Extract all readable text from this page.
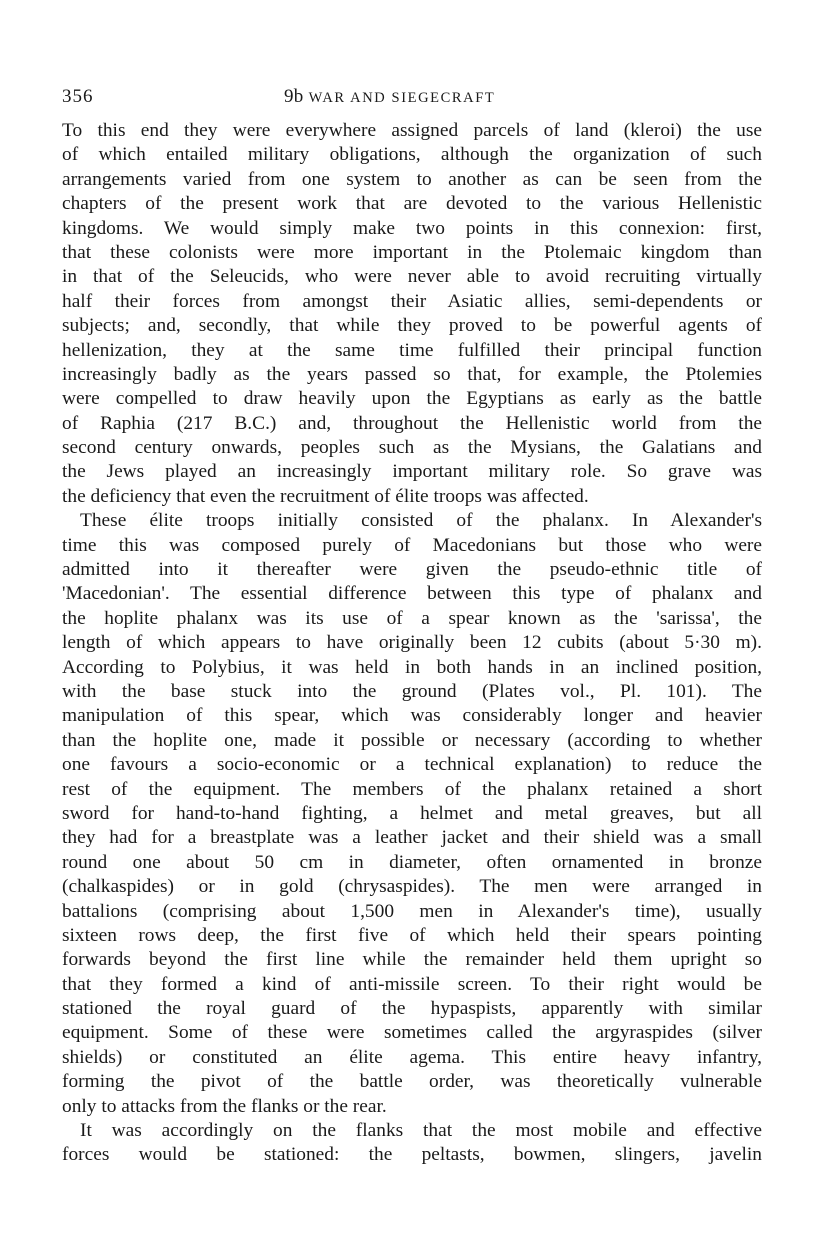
356	9b WAR AND SIEGECRAFT
To this end they were everywhere assigned parcels of land (kleroi) the use
of which entailed military obligations, although the organization of such
arrangements varied from one system to another as can be seen from the
chapters of the present work that are devoted to the various Hellenistic
kingdoms. We would simply make two points in this connexion: first,
that these colonists were more important in the Ptolemaic kingdom than
in that of the Seleucids, who were never able to avoid recruiting virtually
half their forces from amongst their Asiatic allies, semi-dependents or
subjects; and, secondly, that while they proved to be powerful agents of
hellenization, they at the same time fulfilled their principal function
increasingly badly as the years passed so that, for example, the Ptolemies
were compelled to draw heavily upon the Egyptians as early as the battle
of Raphia (217 B.C.) and, throughout the Hellenistic world from the
second century onwards, peoples such as the Mysians, the Galatians and
the Jews played an increasingly important military role. So grave was
the deficiency that even the recruitment of élite troops was affected.
These élite troops initially consisted of the phalanx. In Alexander's
time this was composed purely of Macedonians but those who were
admitted into it thereafter were given the pseudo-ethnic title of
'Macedonian'. The essential difference between this type of phalanx and
the hoplite phalanx was its use of a spear known as the 'sarissa', the
length of which appears to have originally been 12 cubits (about 5·30 m).
According to Polybius, it was held in both hands in an inclined position,
with the base stuck into the ground (Plates vol., Pl. 101). The
manipulation of this spear, which was considerably longer and heavier
than the hoplite one, made it possible or necessary (according to whether
one favours a socio-economic or a technical explanation) to reduce the
rest of the equipment. The members of the phalanx retained a short
sword for hand-to-hand fighting, a helmet and metal greaves, but all
they had for a breastplate was a leather jacket and their shield was a small
round one about 50 cm in diameter, often ornamented in bronze
(chalkaspides) or in gold (chrysaspides). The men were arranged in
battalions (comprising about 1,500 men in Alexander's time), usually
sixteen rows deep, the first five of which held their spears pointing
forwards beyond the first line while the remainder held them upright so
that they formed a kind of anti-missile screen. To their right would be
stationed the royal guard of the hypaspists, apparently with similar
equipment. Some of these were sometimes called the argyraspides (silver
shields) or constituted an élite agema. This entire heavy infantry,
forming the pivot of the battle order, was theoretically vulnerable
only to attacks from the flanks or the rear.
It was accordingly on the flanks that the most mobile and effective
forces would be stationed: the peltasts, bowmen, slingers, javelin
